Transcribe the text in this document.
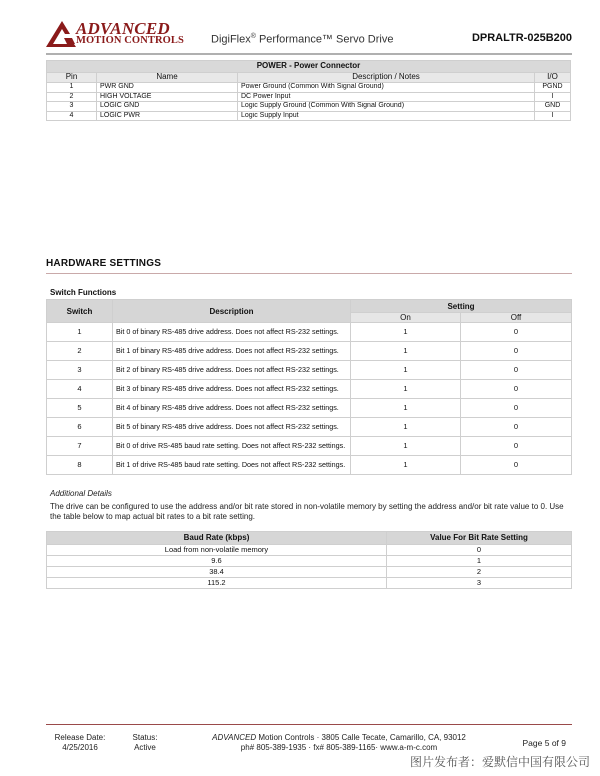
ADVANCED
MOTION CONTROLS DigiFlex® Performance™ Servo Drive	DPRALTR-025B200
POWER - Power Connector			
Pin	Name	Description / Notes	I/O
1	PWR GND	Power Ground (Common With Signal Ground)	PGND
2	HIGH VOLTAGE	DC Power Input	I
3	LOGIC GND	Logic Supply Ground (Common With Signal Ground)	GND
4	LOGIC PWR	Logic Supply Input	I
HARDWARE SETTINGS
Switch Functions
Switch	Description	Setting	
		On	Off
1	Bit 0 of binary RS-485 drive address. Does not affect RS-232 settings.	1	0
2	Bit 1 of binary RS-485 drive address. Does not affect RS-232 settings.	1	0
3	Bit 2 of binary RS-485 drive address. Does not affect RS-232 settings.	1	0
4	Bit 3 of binary RS-485 drive address. Does not affect RS-232 settings.	1	0
5	Bit 4 of binary RS-485 drive address. Does not affect RS-232 settings.	1	0
6	Bit 5 of binary RS-485 drive address. Does not affect RS-232 settings.	1	0
7	Bit 0 of drive RS-485 baud rate setting. Does not affect RS-232 settings.	1	0
8	Bit 1 of drive RS-485 baud rate setting. Does not affect RS-232 settings.	1	0
Additional Details
The drive can be configured to use the address and/or bit rate stored in non-volatile memory by setting the address and/or bit rate value to 0. Use the table below to map actual bit rates to a bit rate setting.
Baud Rate (kbps)	Value For Bit Rate Setting
Load from non-volatile memory	0
9.6	1
38.4	2
115.2	3
Release Date:
4/25/2016
Status:
Active
ADVANCED Motion Controls · 3805 Calle Tecate, Camarillo, CA, 93012
ph# 805-389-1935 · fx# 805-389-1165· www.a-m-c.com	Page 5 of 9
图片发布者：爱默信中国有限公司
